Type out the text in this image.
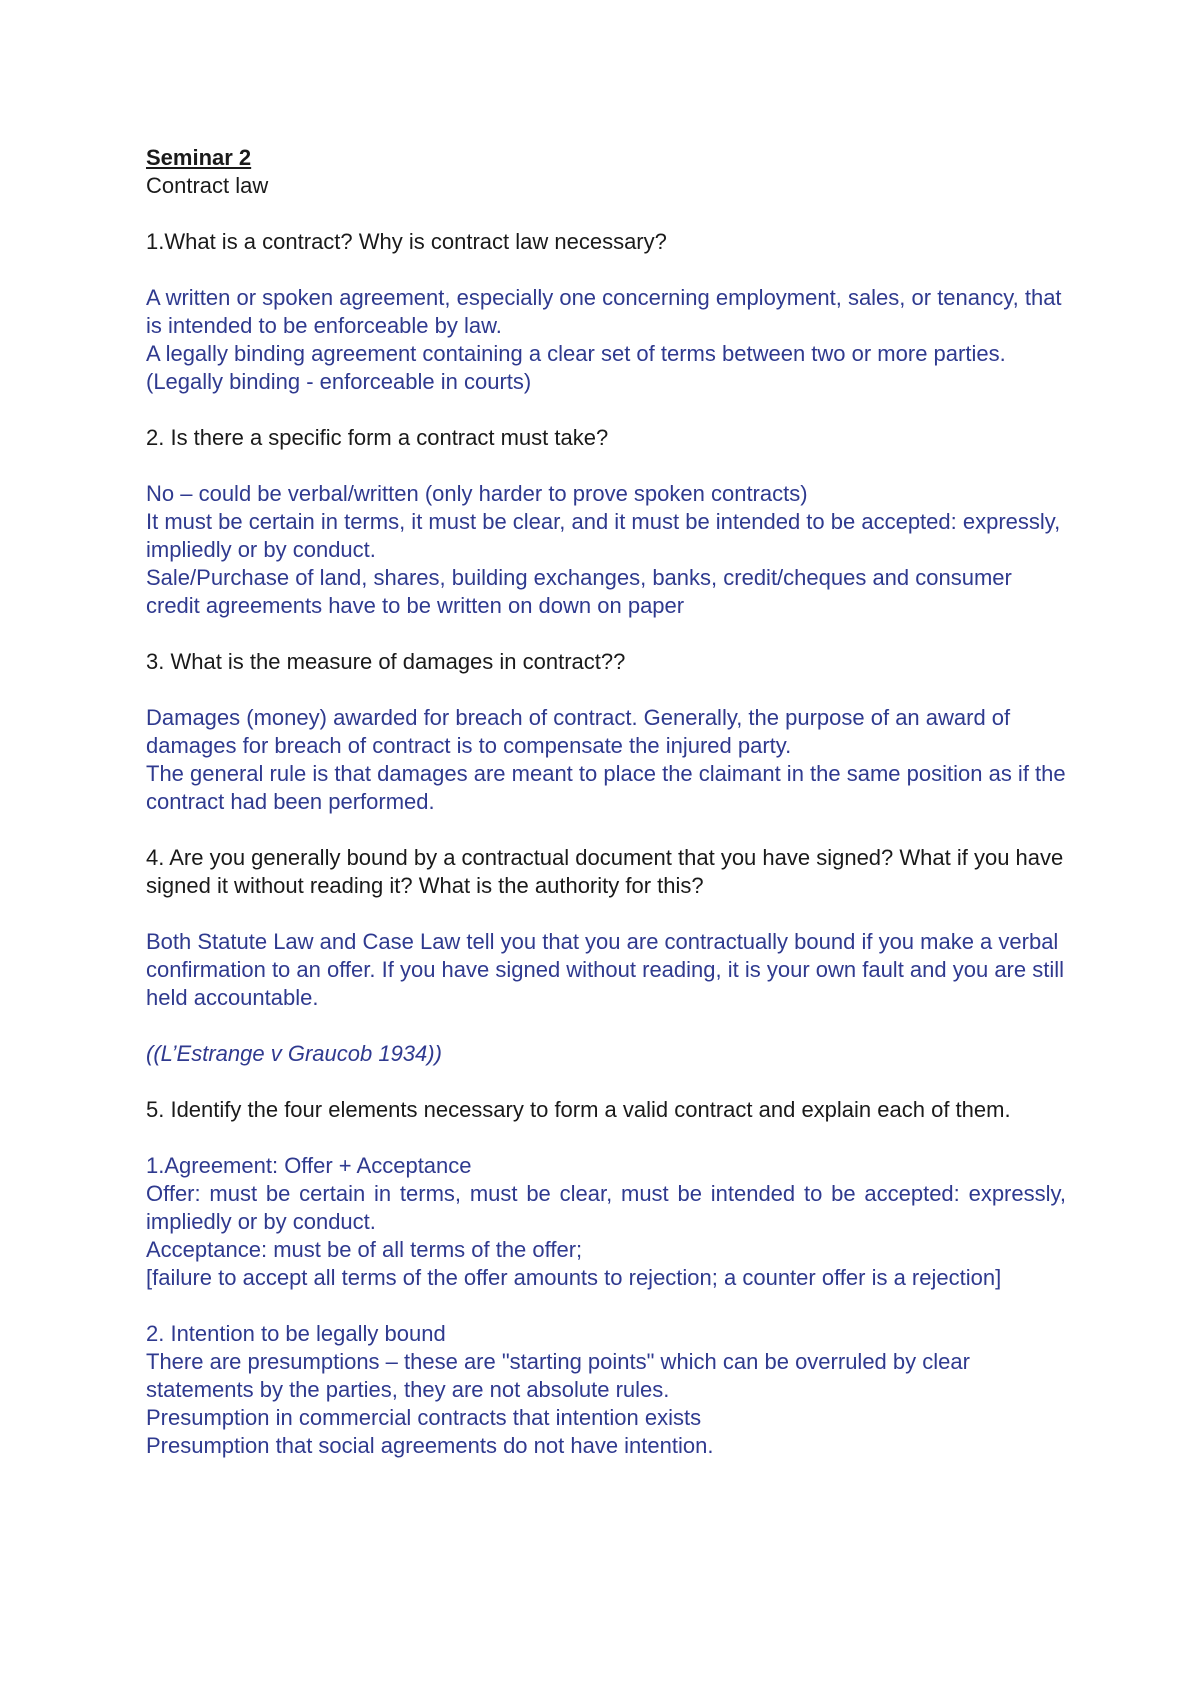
Seminar 2
Contract law
1.What is a contract? Why is contract law necessary?
A written or spoken agreement, especially one concerning employment, sales, or tenancy, that is intended to be enforceable by law.
A legally binding agreement containing a clear set of terms between two or more parties. (Legally binding - enforceable in courts)
2. Is there a specific form a contract must take?
No – could be verbal/written (only harder to prove spoken contracts)
It must be certain in terms, it must be clear, and it must be intended to be accepted: expressly, impliedly or by conduct.
Sale/Purchase of land, shares, building exchanges, banks, credit/cheques and consumer credit agreements have to be written on down on paper
3. What is the measure of damages in contract??
Damages (money) awarded for breach of contract. Generally, the purpose of an award of damages for breach of contract is to compensate the injured party.
The general rule is that damages are meant to place the claimant in the same position as if the contract had been performed.
4. Are you generally bound by a contractual document that you have signed? What if you have signed it without reading it? What is the authority for this?
Both Statute Law and Case Law tell you that you are contractually bound if you make a verbal confirmation to an offer. If you have signed without reading, it is your own fault and you are still held accountable.
((L’Estrange v Graucob 1934))
5. Identify the four elements necessary to form a valid contract and explain each of them.
1.Agreement: Offer + Acceptance
Offer: must be certain in terms, must be clear, must be intended to be accepted: expressly, impliedly or by conduct.
Acceptance: must be of all terms of the offer;
[failure to accept all terms of the offer amounts to rejection; a counter offer is a rejection]
2. Intention to be legally bound
There are presumptions – these are "starting points" which can be overruled by clear statements by the parties, they are not absolute rules.
Presumption in commercial contracts that intention exists
Presumption that social agreements do not have intention.
